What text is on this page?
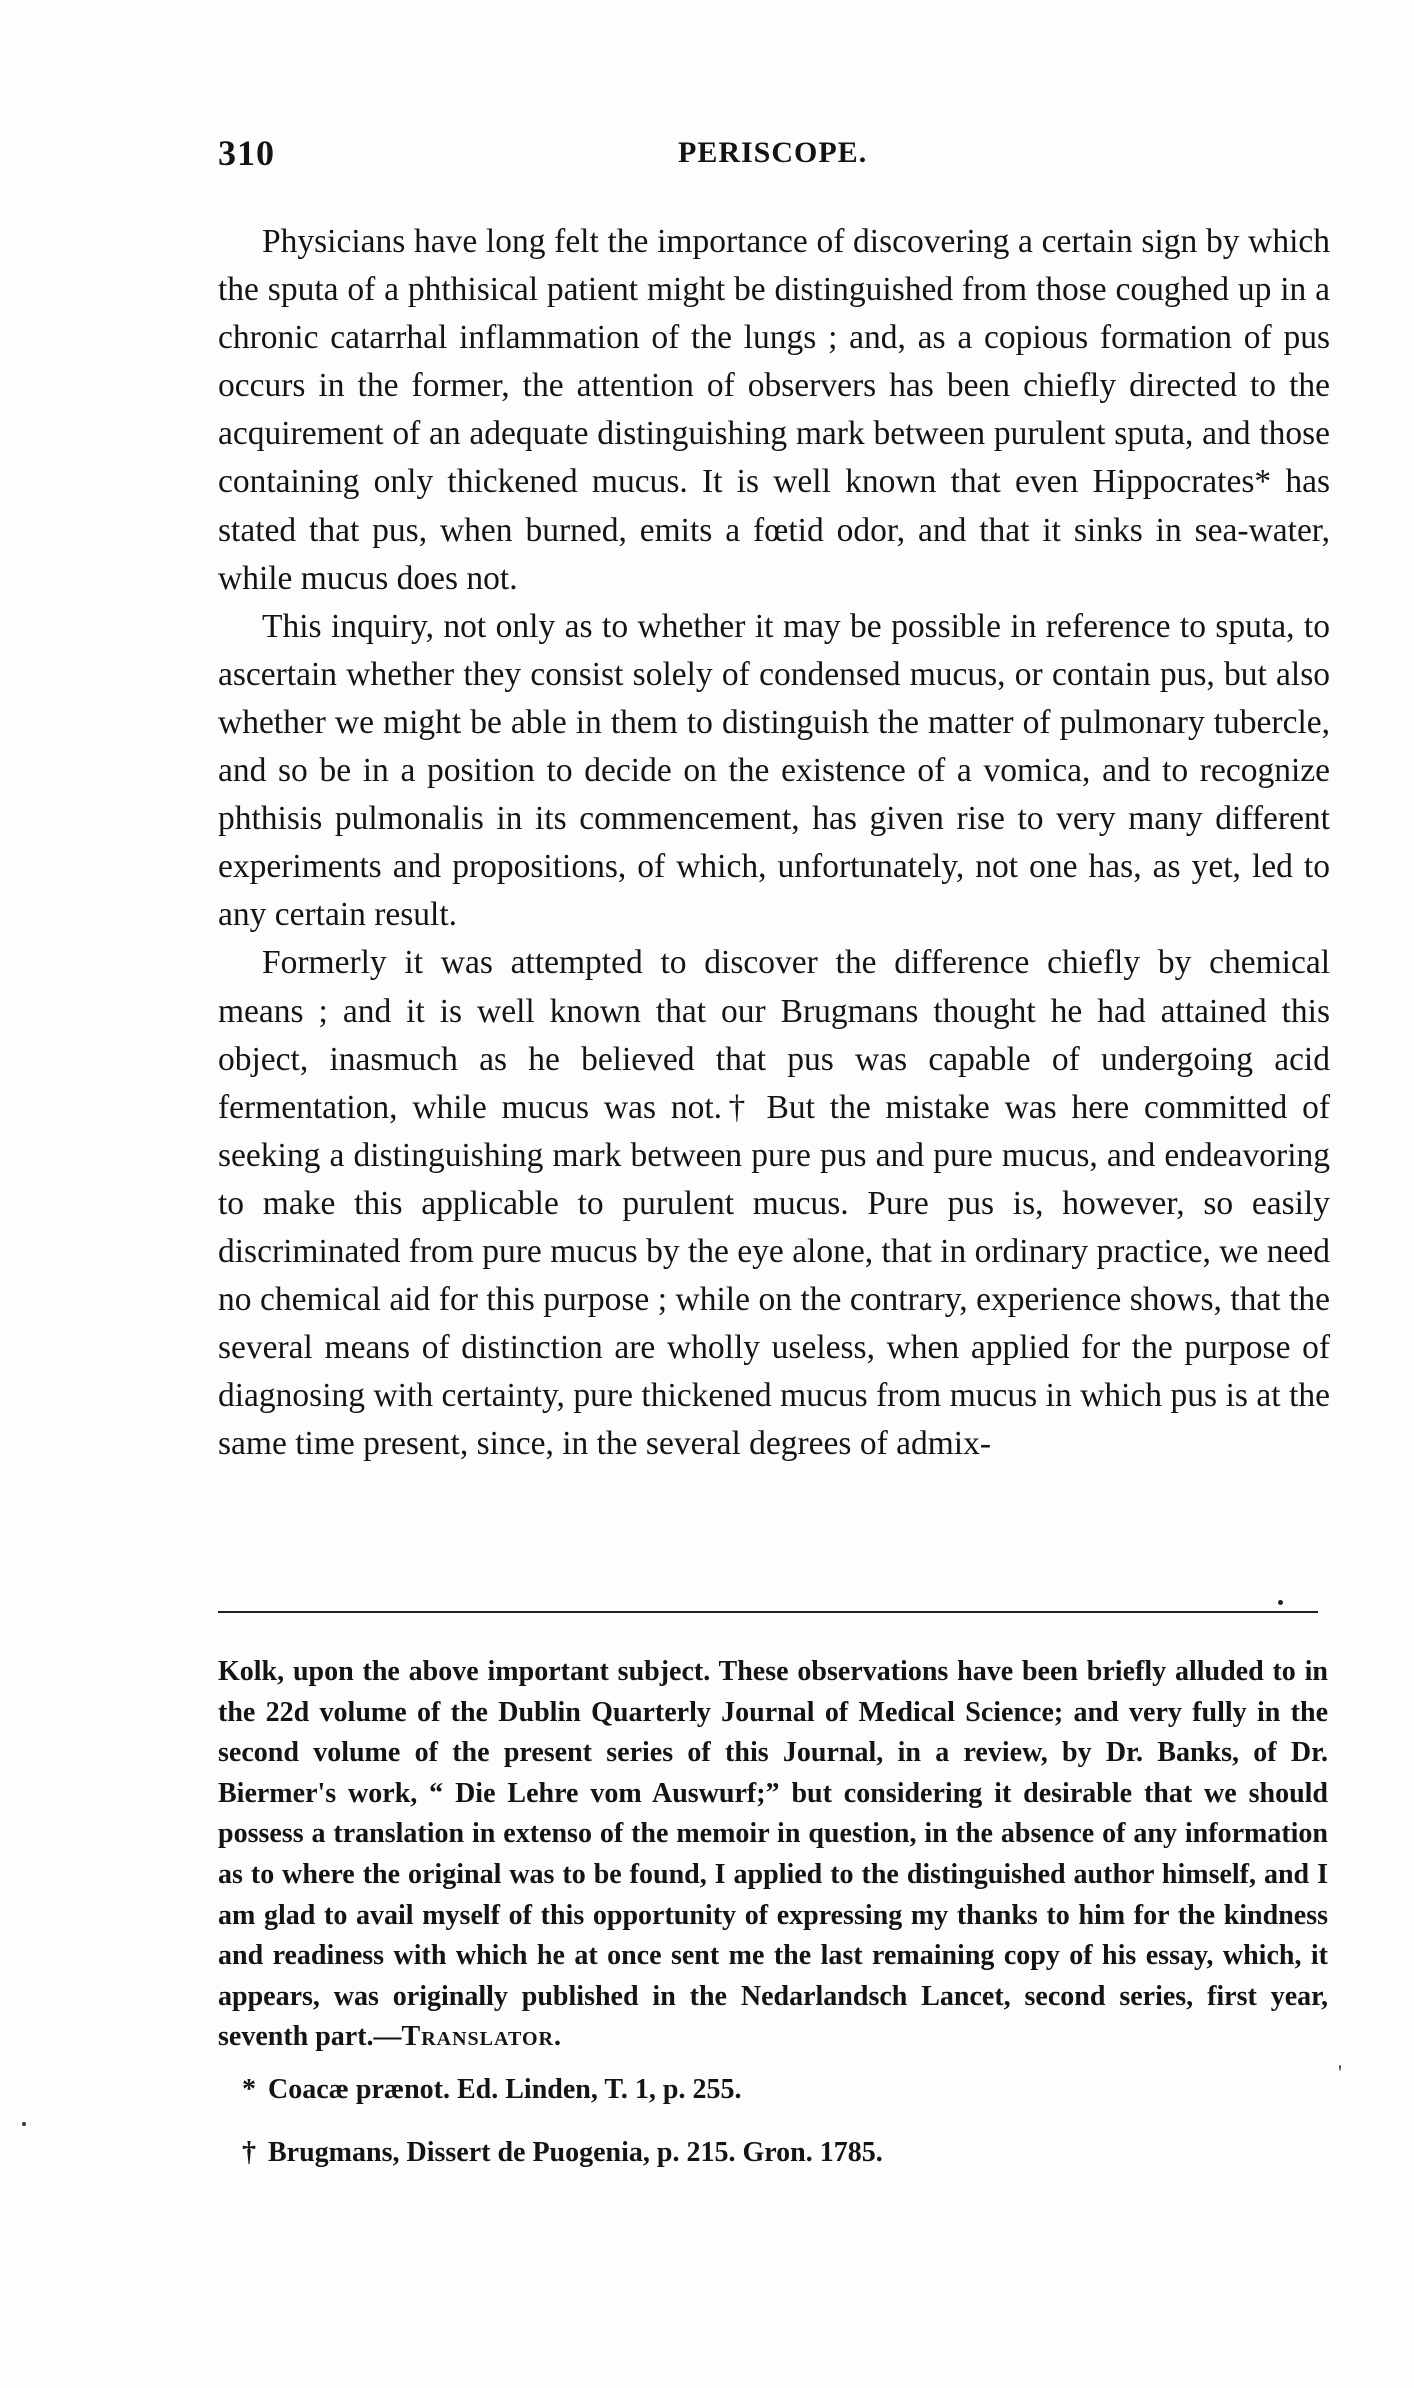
310	PERISCOPE.

Physicians have long felt the importance of discovering a certain sign by which the sputa of a phthisical patient might be distinguished from those coughed up in a chronic catarrhal inflammation of the lungs ; and, as a copious formation of pus occurs in the former, the attention of observers has been chiefly directed to the acquirement of an adequate distinguishing mark between purulent sputa, and those containing only thickened mucus. It is well known that even Hippocrates* has stated that pus, when burned, emits a fœtid odor, and that it sinks in sea-water, while mucus does not.

This inquiry, not only as to whether it may be possible in reference to sputa, to ascertain whether they consist solely of condensed mucus, or contain pus, but also whether we might be able in them to distinguish the matter of pulmonary tubercle, and so be in a position to decide on the existence of a vomica, and to recognize phthisis pulmonalis in its commencement, has given rise to very many different experiments and propositions, of which, unfortunately, not one has, as yet, led to any certain result.

Formerly it was attempted to discover the difference chiefly by chemical means ; and it is well known that our Brugmans thought he had attained this object, inasmuch as he believed that pus was capable of undergoing acid fermentation, while mucus was not.† But the mistake was here committed of seeking a distinguishing mark between pure pus and pure mucus, and endeavoring to make this applicable to purulent mucus. Pure pus is, however, so easily discriminated from pure mucus by the eye alone, that in ordinary practice, we need no chemical aid for this purpose ; while on the contrary, experience shows, that the several means of distinction are wholly useless, when applied for the purpose of diagnosing with certainty, pure thickened mucus from mucus in which pus is at the same time present, since, in the several degrees of admix-

Kolk, upon the above important subject. These observations have been briefly alluded to in the 22d volume of the Dublin Quarterly Journal of Medical Science; and very fully in the second volume of the present series of this Journal, in a review, by Dr. Banks, of Dr. Biermer's work, “ Die Lehre vom Auswurf;” but considering it desirable that we should possess a translation in extenso of the memoir in question, in the absence of any information as to where the original was to be found, I applied to the distinguished author himself, and I am glad to avail myself of this opportunity of expressing my thanks to him for the kindness and readiness with which he at once sent me the last remaining copy of his essay, which, it appears, was originally published in the Nedarlandsch Lancet, second series, first year, seventh part.—Translator.

* Coacæ prænot. Ed. Linden, T. 1, p. 255.

† Brugmans, Dissert de Puogenia, p. 215. Gron. 1785.

'
